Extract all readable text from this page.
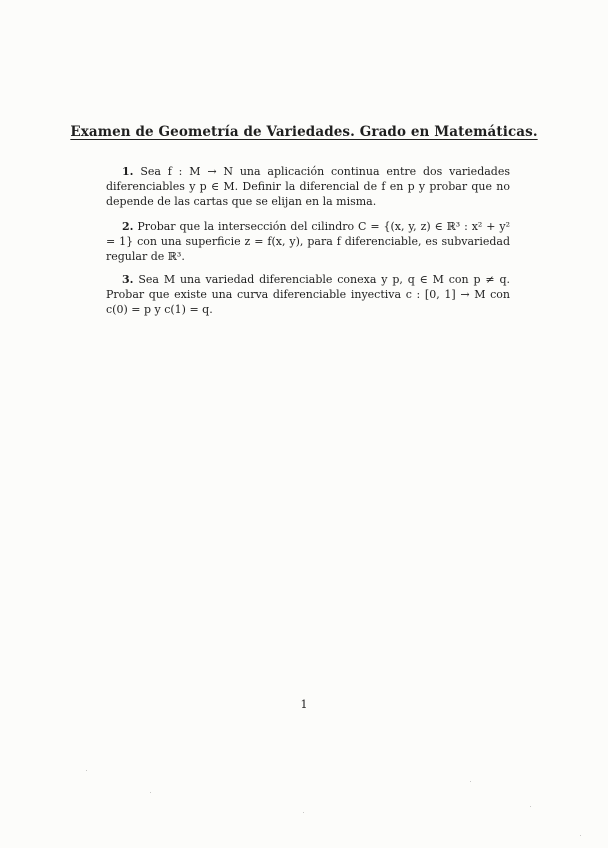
Examen de Geometría de Variedades. Grado en Matemáticas.

1. Sea f : M → N una aplicación continua entre dos variedades diferenciables y p ∈ M. Definir la diferencial de f en p y probar que no depende de las cartas que se elijan en la misma.

2. Probar que la intersección del cilindro C = {(x, y, z) ∈ ℝ³ : x² + y² = 1} con una superficie z = f(x, y), para f diferenciable, es subvariedad regular de ℝ³.

3. Sea M una variedad diferenciable conexa y p, q ∈ M con p ≠ q. Probar que existe una curva diferenciable inyectiva c : [0, 1] → M con c(0) = p y c(1) = q.

1
